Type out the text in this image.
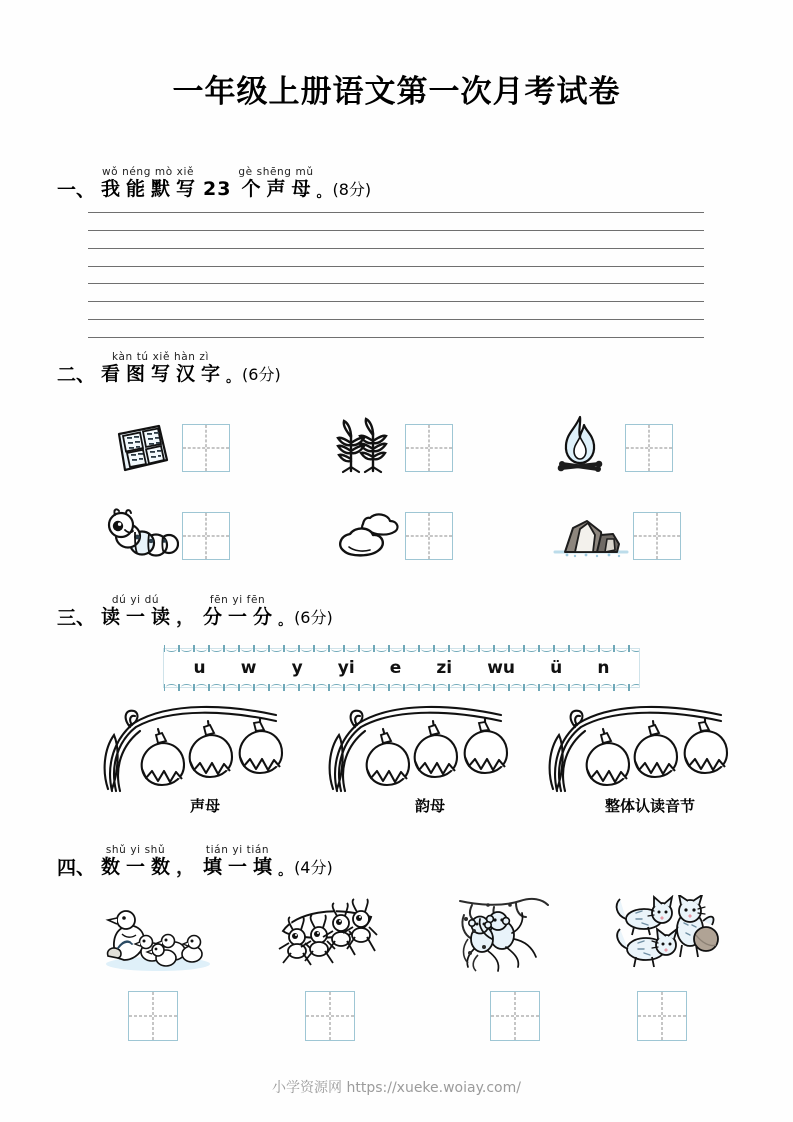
一年级上册语文第一次月考试卷
一、
wǒ néng mò xiě
我能默写 23
gè shēng mǔ
个声母 。 (8分)
二、
kàn tú xiě hàn zì
看图写汉字 。 (6分)
三、
dú yi dú
读一读 ，
fēn yi fēn
分一分 。 (6分)
u w y yi e zi wu ü n
声母	韵母	整体认读音节
四、
shǔ yi shǔ
数一数 ，
tián yi tián
填一填 。 (4分)
小学资源网 https://xueke.woiay.com/
